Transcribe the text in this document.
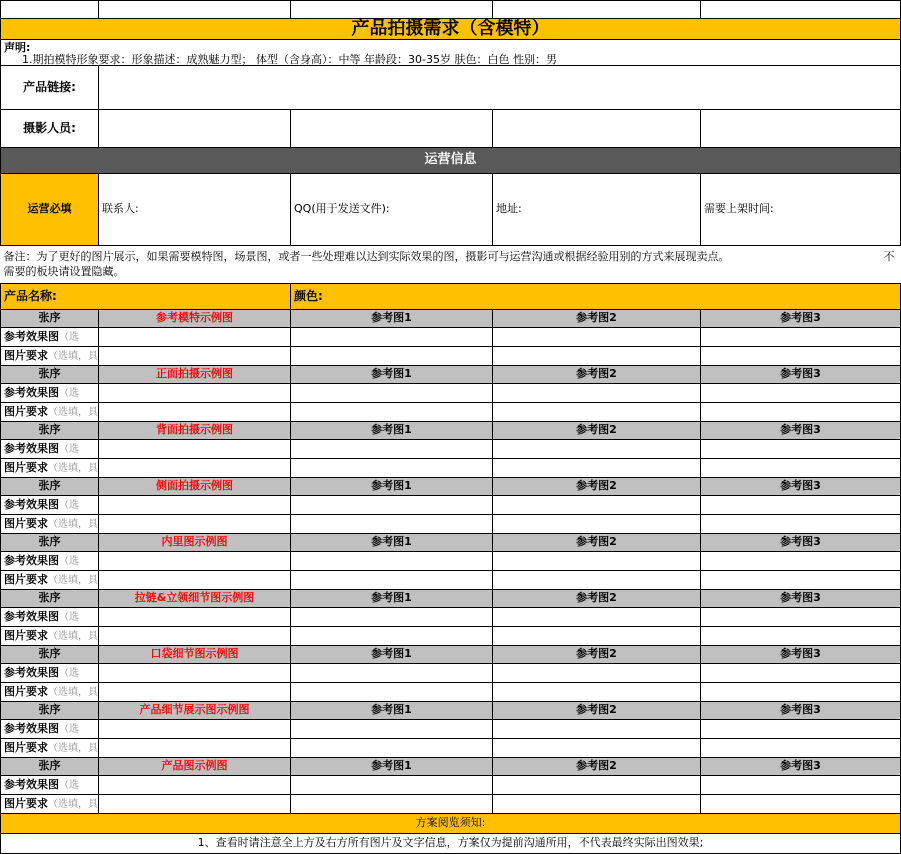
产品拍摄需求（含模特）				

声明:
1.期拍模特形象要求：形象描述：成熟魅力型； 体型（含身高）：中等 年龄段：30-35岁 肤色：白色 性别：男				

产品链接:				
摄影人员:				
运营信息				
运营必填	联系人:	QQ(用于发送文件):	地址:	需要上架时间:
备注：为了更好的图片展示，如果需要模特图，场景图，或者一些处理难以达到实际效果的图，摄影可与运营沟通或根据经验用别的方式来展现卖点。 不

需要的板块请设置隐藏。				
产品名称:		颜色:		
张序	参考模特示例图	参考图1	参考图2	参考图3
参考效果图（选				
图片要求（选填，具				
张序	正面拍摄示例图	参考图1	参考图2	参考图3
参考效果图（选				
图片要求（选填，具				
张序	背面拍摄示例图	参考图1	参考图2	参考图3
参考效果图（选				
图片要求（选填，具				
张序	侧面拍摄示例图	参考图1	参考图2	参考图3
参考效果图（选				
图片要求（选填，具				
张序	内里图示例图	参考图1	参考图2	参考图3
参考效果图（选				
图片要求（选填，具				
张序	拉链&立领细节图示例图	参考图1	参考图2	参考图3
参考效果图（选				
图片要求（选填，具				
张序	口袋细节图示例图	参考图1	参考图2	参考图3
参考效果图（选				
图片要求（选填，具				
张序	产品细节展示图示例图	参考图1	参考图2	参考图3
参考效果图（选				
图片要求（选填，具				
张序	产品图示例图	参考图1	参考图2	参考图3
参考效果图（选				
图片要求（选填，具				
方案阅览须知:				
1、查看时请注意全上方及右方所有图片及文字信息，方案仅为提前沟通所用，不代表最终实际出图效果;				
